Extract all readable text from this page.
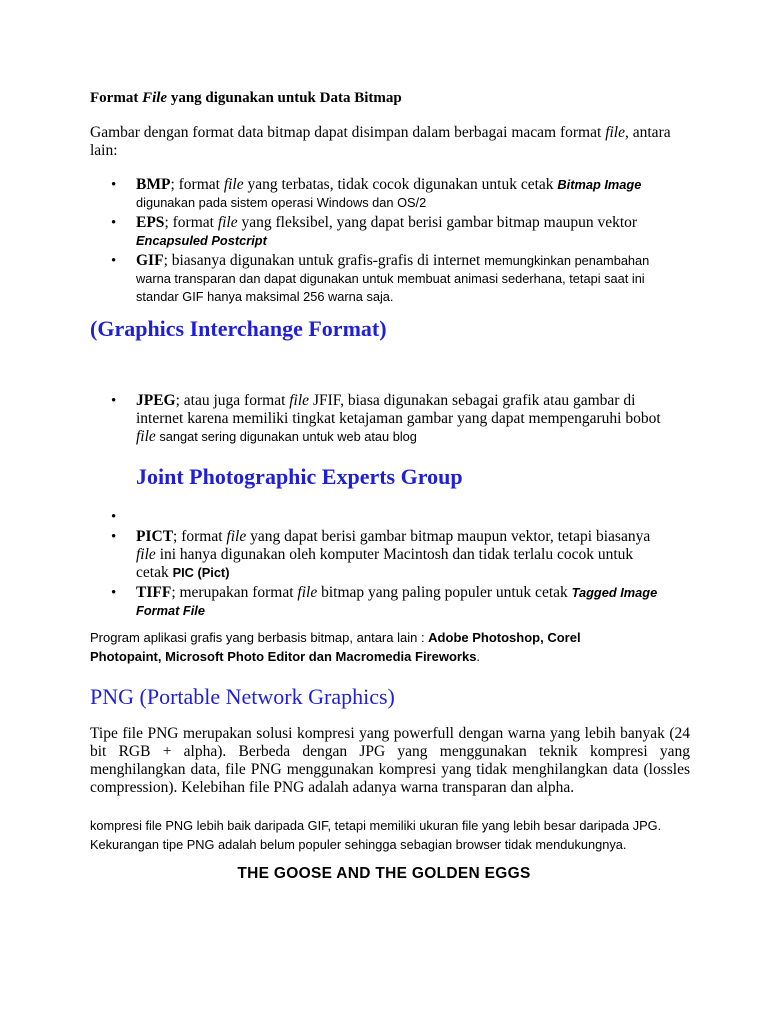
Format File yang digunakan untuk Data Bitmap
Gambar dengan format data bitmap dapat disimpan dalam berbagai macam format file, antara lain:
• BMP; format file yang terbatas, tidak cocok digunakan untuk cetak Bitmap Image digunakan pada sistem operasi Windows dan OS/2
• EPS; format file yang fleksibel, yang dapat berisi gambar bitmap maupun vektor Encapsuled Postcript
• GIF; biasanya digunakan untuk grafis-grafis di internet memungkinkan penambahan warna transparan dan dapat digunakan untuk membuat animasi sederhana, tetapi saat ini standar GIF hanya maksimal 256 warna saja.
(Graphics Interchange Format)
• JPEG; atau juga format file JFIF, biasa digunakan sebagai grafik atau gambar di internet karena memiliki tingkat ketajaman gambar yang dapat mempengaruhi bobot file sangat sering digunakan untuk web atau blog
Joint Photographic Experts Group
•
• PICT; format file yang dapat berisi gambar bitmap maupun vektor, tetapi biasanya file ini hanya digunakan oleh komputer Macintosh dan tidak terlalu cocok untuk cetak PIC (Pict)
• TIFF; merupakan format file bitmap yang paling populer untuk cetak Tagged Image Format File
Program aplikasi grafis yang berbasis bitmap, antara lain : Adobe Photoshop, Corel Photopaint, Microsoft Photo Editor dan Macromedia Fireworks.
PNG (Portable Network Graphics)
Tipe file PNG merupakan solusi kompresi yang powerfull dengan warna yang lebih banyak (24 bit RGB + alpha). Berbeda dengan JPG yang menggunakan teknik kompresi yang menghilangkan data, file PNG menggunakan kompresi yang tidak menghilangkan data (lossles compression). Kelebihan file PNG adalah adanya warna transparan dan alpha.
kompresi file PNG lebih baik daripada GIF, tetapi memiliki ukuran file yang lebih besar daripada JPG. Kekurangan tipe PNG adalah belum populer sehingga sebagian browser tidak mendukungnya.
THE GOOSE AND THE GOLDEN EGGS
